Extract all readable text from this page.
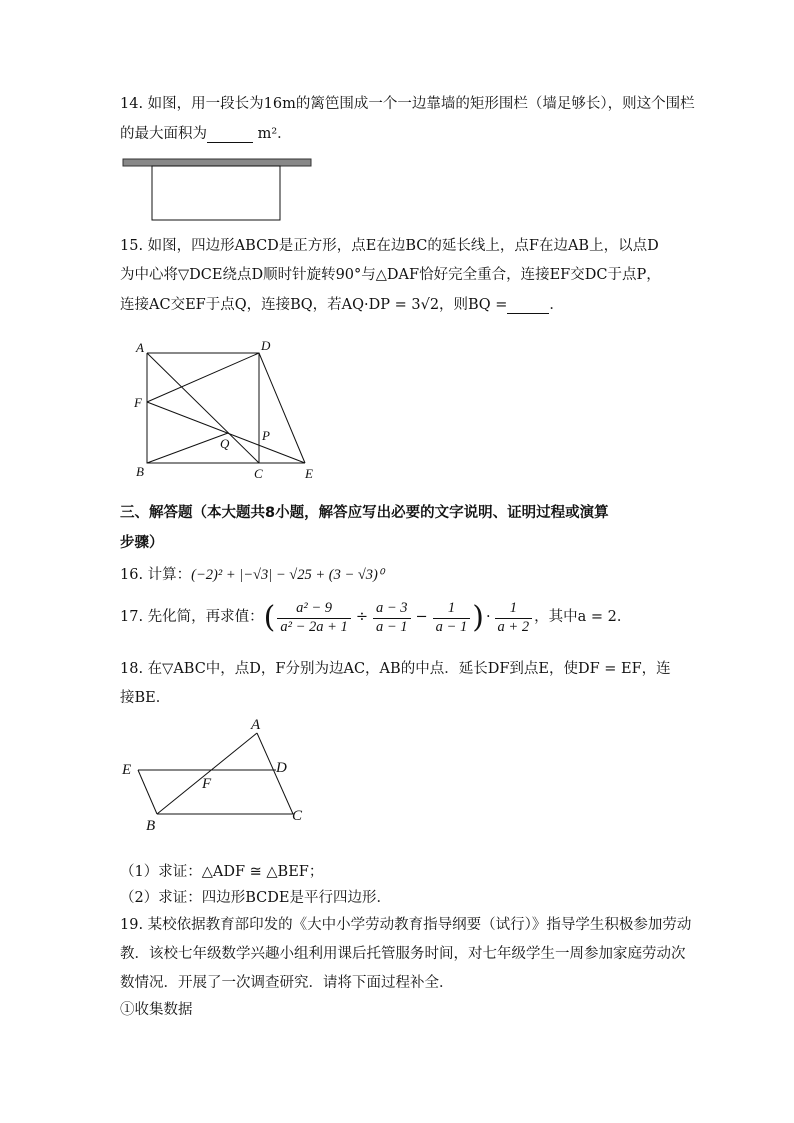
14. 如图，用一段长为16m的篱笆围成一个一边靠墙的矩形围栏（墙足够长），则这个围栏
的最大面积为	m²．
15. 如图，四边形ABCD是正方形，点E在边BC的延长线上，点F在边AB上，以点D
为中心将▽DCE绕点D顺时针旋转90°与△DAF恰好完全重合，连接EF交DC于点P，
连接AC交EF于点Q，连接BQ，若AQ·DP = 3√2，则BQ =	．
A	D
F
P
Q
B	C	E
三、解答题（本大题共8小题，解答应写出必要的文字说明、证明过程或演算
步骤）
16. 计算：(−2)² + |−√3| − √25 + (3 − √3)⁰
17. 先化简，再求值： ( $\frac{\text{a² − 9}}{\text{a² − 2a + 1}} \div \frac{a - 3}{a - 1} - \frac{1}{a - 1}$ ) · $\frac{1}{a + 2}$ ，其中a = 2．
18. 在▽ABC中，点D，F分别为边AC，AB的中点．延长DF到点E，使DF = EF，连
接BE．
A
E	D
F
B
C
（1）求证：△ADF ≅ △BEF；
（2）求证：四边形BCDE是平行四边形．
19. 某校依据教育部印发的《大中小学劳动教育指导纲要（试行）》指导学生积极参加劳动
教．该校七年级数学兴趣小组利用课后托管服务时间，对七年级学生一周参加家庭劳动次
数情况．开展了一次调查研究．请将下面过程补全．
①收集数据
